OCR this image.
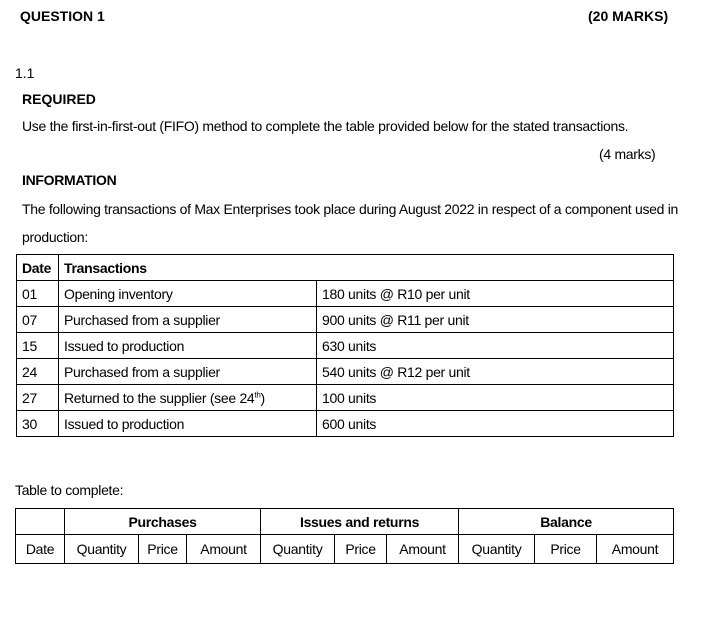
QUESTION 1	(20 MARKS)
1.1
REQUIRED
Use the first-in-first-out (FIFO) method to complete the table provided below for the stated transactions.
(4 marks)
INFORMATION
The following transactions of Max Enterprises took place during August 2022 in respect of a component used in
production:
Date	Transactions	
01	Opening inventory	180 units @ R10 per unit
07	Purchased from a supplier	900 units @ R11 per unit
15	Issued to production	630 units
24	Purchased from a supplier	540 units @ R12 per unit
27	Returned to the supplier (see 24th)	100 units
30	Issued to production	600 units
Table to complete:
	Purchases			Issues and returns			Balance		
Date	Quantity	Price	Amount	Quantity	Price	Amount	Quantity	Price	Amount
